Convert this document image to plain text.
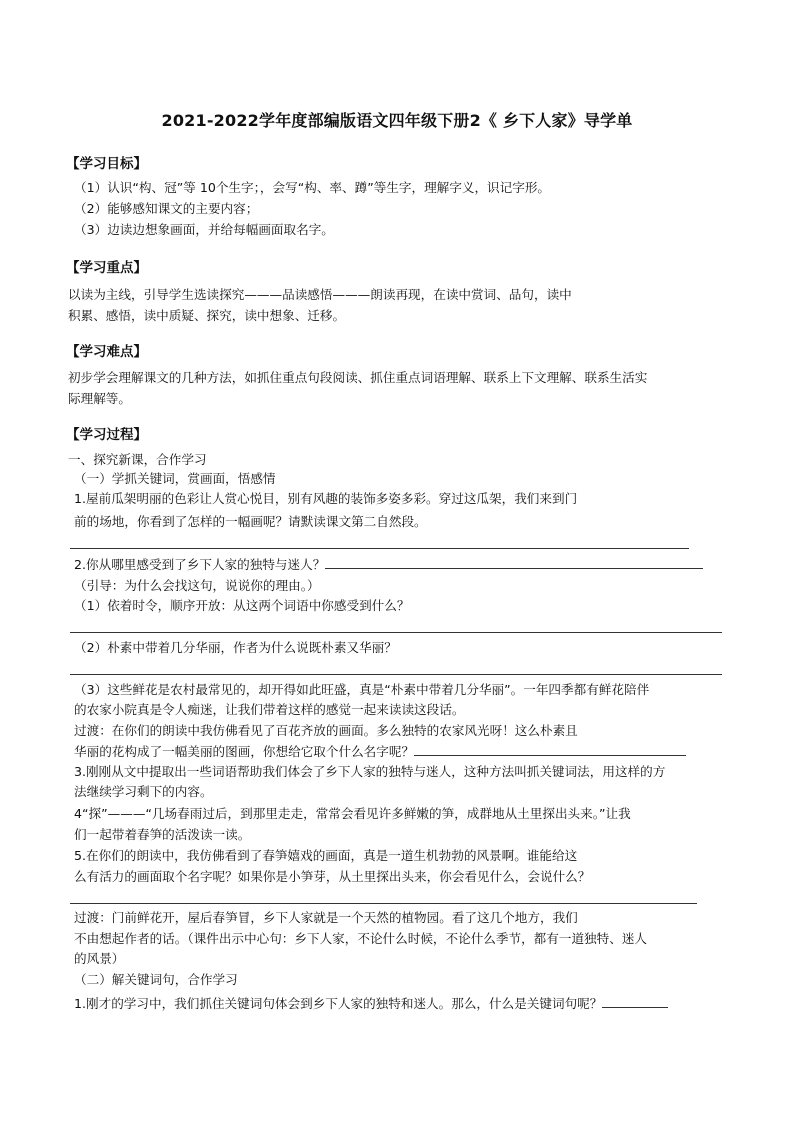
2021-2022学年度部编版语文四年级下册2《 乡下人家》导学单
【学习目标】
（1）认识“构、冠”等 10个生字；，会写“构、率、蹲”等生字，理解字义，识记字形。
（2）能够感知课文的主要内容；
（3）边读边想象画面，并给每幅画面取名字。
【学习重点】
以读为主线，引导学生选读探究———品读感悟———朗读再现，在读中赏词、品句，读中
积累、感悟，读中质疑、探究，读中想象、迁移。
【学习难点】
初步学会理解课文的几种方法，如抓住重点句段阅读、抓住重点词语理解、联系上下文理解、联系生活实
际理解等。
【学习过程】
一、探究新课，合作学习
（一）学抓关键词，赏画面，悟感情
1.屋前瓜架明丽的色彩让人赏心悦目，别有风趣的装饰多姿多彩。穿过这瓜架，我们来到门
前的场地，你看到了怎样的一幅画呢？请默读课文第二自然段。
2.你从哪里感受到了乡下人家的独特与迷人？
（引导：为什么会找这句，说说你的理由。）
（1）依着时令，顺序开放：从这两个词语中你感受到什么？
（2）朴素中带着几分华丽，作者为什么说既朴素又华丽？
（3）这些鲜花是农村最常见的，却开得如此旺盛，真是“朴素中带着几分华丽”。一年四季都有鲜花陪伴
的农家小院真是令人痴迷，让我们带着这样的感觉一起来读读这段话。
过渡：在你们的朗读中我仿佛看见了百花齐放的画面。多么独特的农家风光呀！这么朴素且
华丽的花构成了一幅美丽的图画，你想给它取个什么名字呢？
3.刚刚从文中提取出一些词语帮助我们体会了乡下人家的独特与迷人，这种方法叫抓关键词法，用这样的方
法继续学习剩下的内容。
4“探”———“几场春雨过后，到那里走走，常常会看见许多鲜嫩的笋，成群地从土里探出头来。”让我
们一起带着春笋的活泼读一读。
5.在你们的朗读中，我仿佛看到了春笋嬉戏的画面，真是一道生机勃勃的风景啊。谁能给这
么有活力的画面取个名字呢？如果你是小笋芽，从土里探出头来，你会看见什么，会说什么？
过渡：门前鲜花开，屋后春笋冒，乡下人家就是一个天然的植物园。看了这几个地方，我们
不由想起作者的话。（课件出示中心句：乡下人家，不论什么时候，不论什么季节，都有一道独特、迷人
的风景）
（二）解关键词句，合作学习
1.刚才的学习中，我们抓住关键词句体会到乡下人家的独特和迷人。那么，什么是关键词句呢？
